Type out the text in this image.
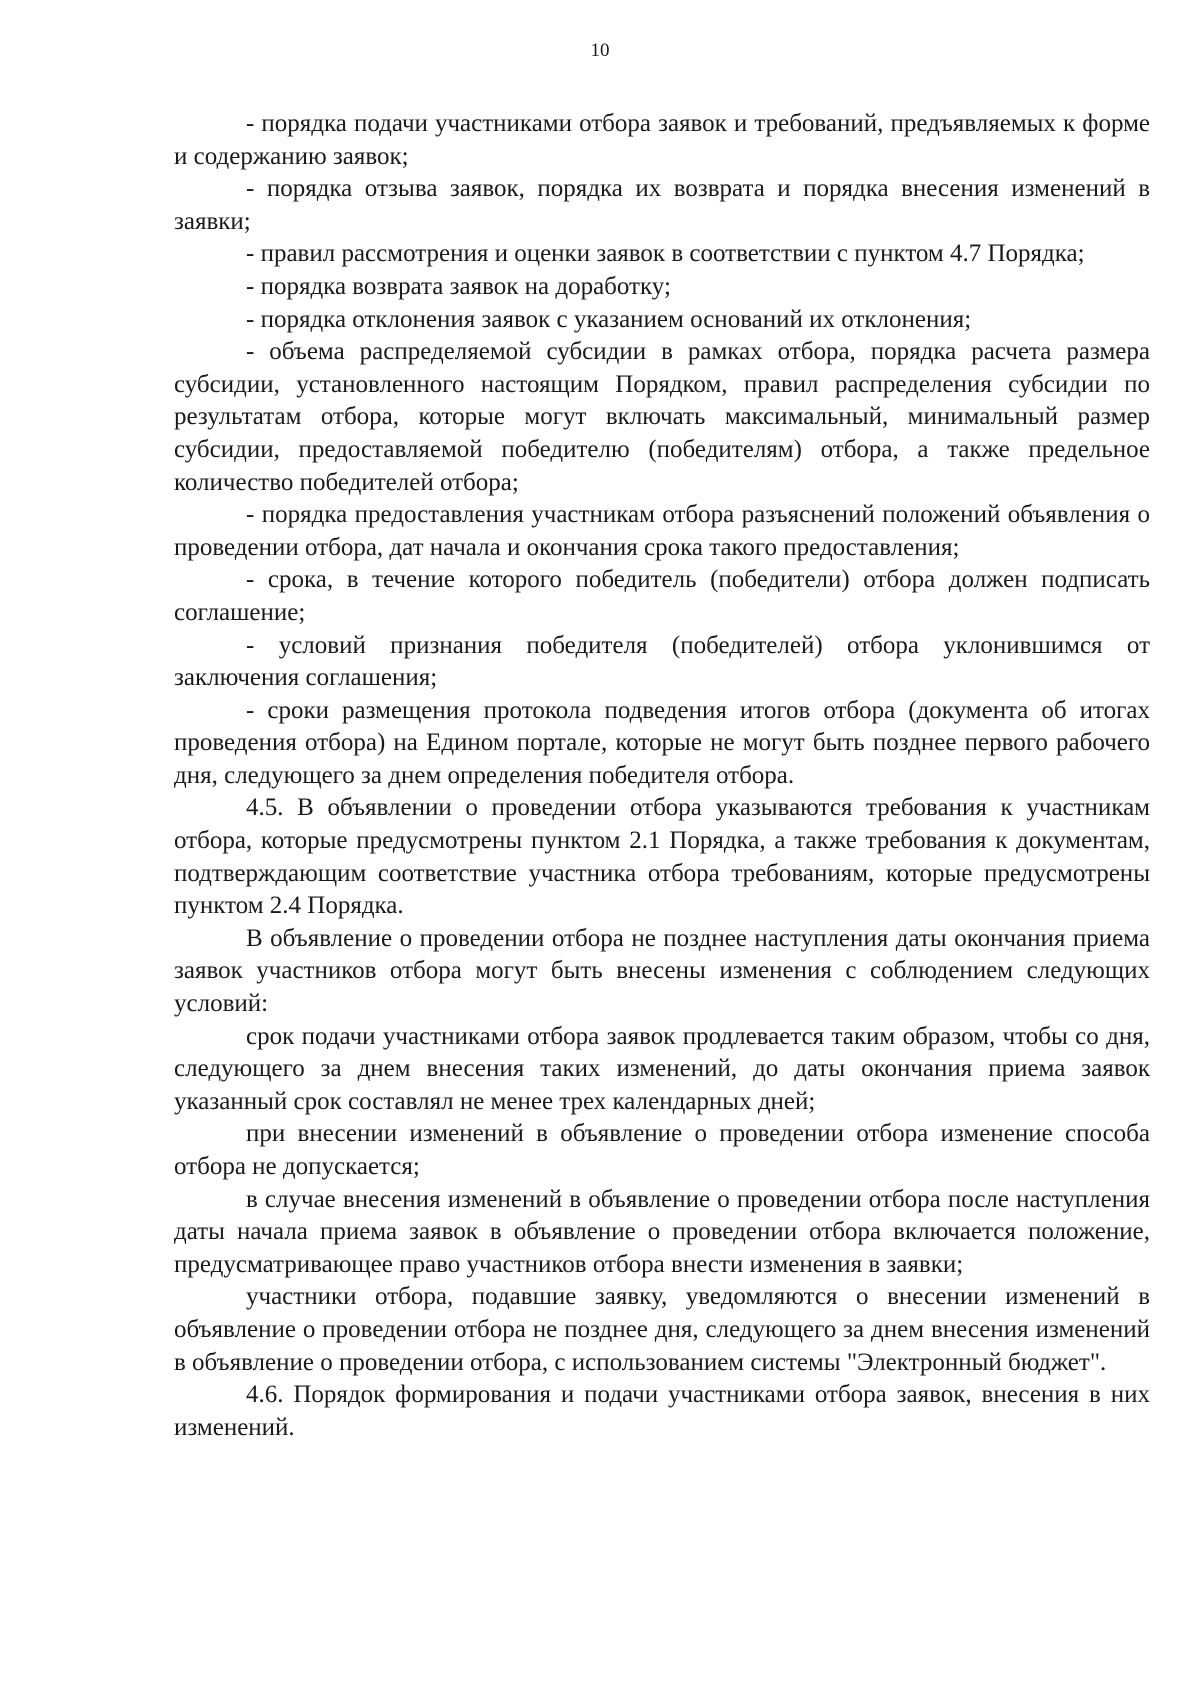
10

- порядка подачи участниками отбора заявок и требований, предъявляемых к форме и содержанию заявок;

- порядка отзыва заявок, порядка их возврата и порядка внесения изменений в заявки;

- правил рассмотрения и оценки заявок в соответствии с пунктом 4.7 Порядка;

- порядка возврата заявок на доработку;

- порядка отклонения заявок с указанием оснований их отклонения;

- объема распределяемой субсидии в рамках отбора, порядка расчета размера субсидии, установленного настоящим Порядком, правил распределения субсидии по результатам отбора, которые могут включать максимальный, минимальный размер субсидии, предоставляемой победителю (победителям) отбора, а также предельное количество победителей отбора;

- порядка предоставления участникам отбора разъяснений положений объявления о проведении отбора, дат начала и окончания срока такого предоставления;

- срока, в течение которого победитель (победители) отбора должен подписать соглашение;

- условий признания победителя (победителей) отбора уклонившимся от заключения соглашения;

- сроки размещения протокола подведения итогов отбора (документа об итогах проведения отбора) на Едином портале, которые не могут быть позднее первого рабочего дня, следующего за днем определения победителя отбора.

4.5. В объявлении о проведении отбора указываются требования к участникам отбора, которые предусмотрены пунктом 2.1 Порядка, а также требования к документам, подтверждающим соответствие участника отбора требованиям, которые предусмотрены пунктом 2.4 Порядка.

В объявление о проведении отбора не позднее наступления даты окончания приема заявок участников отбора могут быть внесены изменения с соблюдением следующих условий:

срок подачи участниками отбора заявок продлевается таким образом, чтобы со дня, следующего за днем внесения таких изменений, до даты окончания приема заявок указанный срок составлял не менее трех календарных дней;

при внесении изменений в объявление о проведении отбора изменение способа отбора не допускается;

в случае внесения изменений в объявление о проведении отбора после наступления даты начала приема заявок в объявление о проведении отбора включается положение, предусматривающее право участников отбора внести изменения в заявки;

участники отбора, подавшие заявку, уведомляются о внесении изменений в объявление о проведении отбора не позднее дня, следующего за днем внесения изменений в объявление о проведении отбора, с использованием системы "Электронный бюджет".

4.6. Порядок формирования и подачи участниками отбора заявок, внесения в них изменений.
